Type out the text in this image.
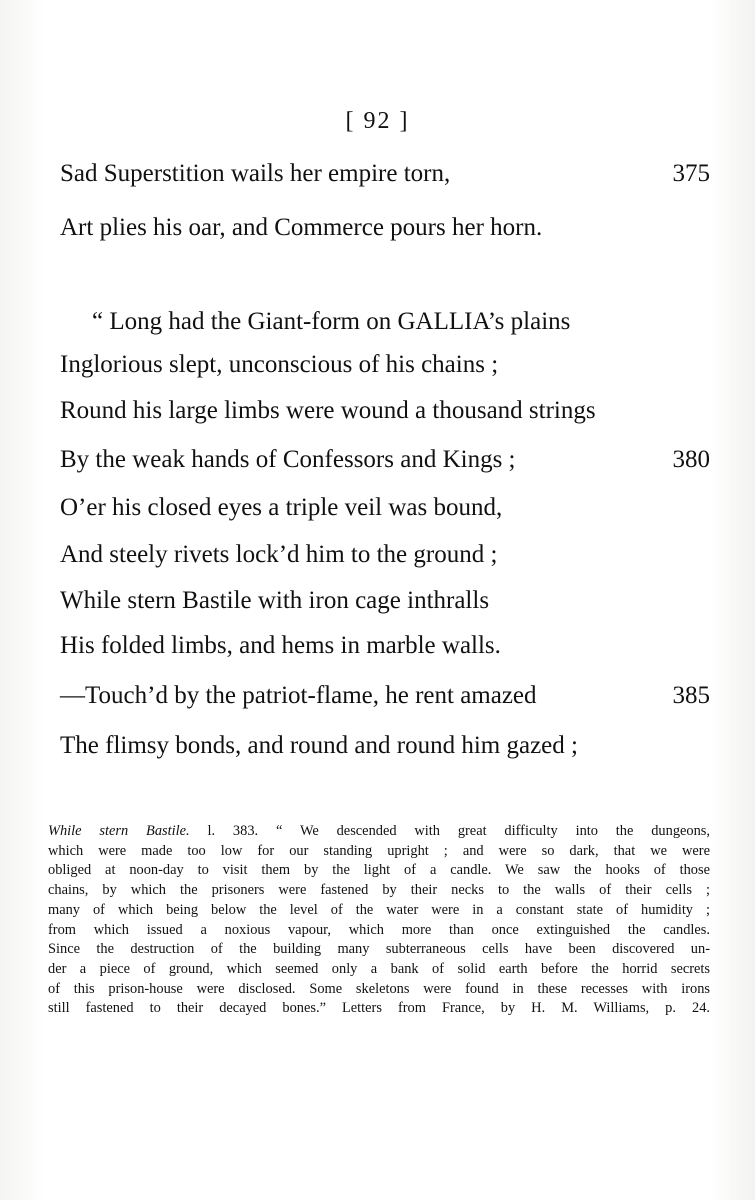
[ 92 ]
Sad Superstition wails her empire torn,	375
Art plies his oar, and Commerce pours her horn.
“ Long had the Giant-form on GALLIA’s plains
Inglorious slept, unconscious of his chains ;
Round his large limbs were wound a thousand strings
By the weak hands of Confessors and Kings ;	380
O’er his closed eyes a triple veil was bound,
And steely rivets lock’d him to the ground ;
While stern Bastile with iron cage inthralls
His folded limbs, and hems in marble walls.
—Touch’d by the patriot-flame, he rent amazed	385
The flimsy bonds, and round and round him gazed ;
While stern Bastile. l. 383. “ We descended with great difficulty into the dungeons,
which were made too low for our standing upright ; and were so dark, that we were
obliged at noon-day to visit them by the light of a candle. We saw the hooks of those
chains, by which the prisoners were fastened by their necks to the walls of their cells ;
many of which being below the level of the water were in a constant state of humidity ;
from which issued a noxious vapour, which more than once extinguished the candles.
Since the destruction of the building many subterraneous cells have been discovered un-
der a piece of ground, which seemed only a bank of solid earth before the horrid secrets
of this prison-house were disclosed. Some skeletons were found in these recesses with irons
still fastened to their decayed bones.” Letters from France, by H. M. Williams, p. 24.
